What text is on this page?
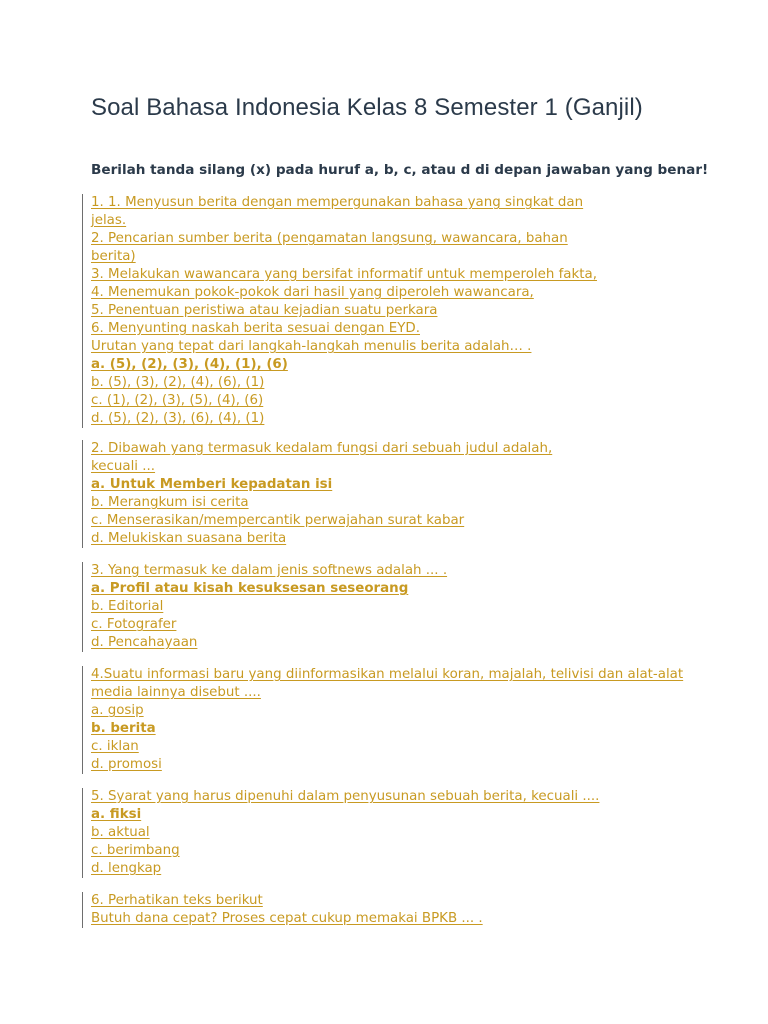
Soal Bahasa Indonesia Kelas 8 Semester 1 (Ganjil)

Berilah tanda silang (x) pada huruf a, b, c, atau d di depan jawaban yang benar!

1. 1. Menyusun berita dengan mempergunakan bahasa yang singkat dan
jelas.
2. Pencarian sumber berita (pengamatan langsung, wawancara, bahan
berita)
3. Melakukan wawancara yang bersifat informatif untuk memperoleh fakta,
4. Menemukan pokok-pokok dari hasil yang diperoleh wawancara,
5. Penentuan peristiwa atau kejadian suatu perkara
6. Menyunting naskah berita sesuai dengan EYD.
Urutan yang tepat dari langkah-langkah menulis berita adalah… .
a. (5), (2), (3), (4), (1), (6)
b. (5), (3), (2), (4), (6), (1)
c. (1), (2), (3), (5), (4), (6)
d. (5), (2), (3), (6), (4), (1)
2. Dibawah yang termasuk kedalam fungsi dari sebuah judul adalah,
kecuali ...
a. Untuk Memberi kepadatan isi
b. Merangkum isi cerita
c. Menserasikan/mempercantik perwajahan surat kabar
d. Melukiskan suasana berita
3. Yang termasuk ke dalam jenis softnews adalah ... .
a. Profil atau kisah kesuksesan seseorang
b. Editorial
c. Fotografer
d. Pencahayaan
4.Suatu informasi baru yang diinformasikan melalui koran, majalah, telivisi dan alat-alat
media lainnya disebut ....
a. gosip
b. berita
c. iklan
d. promosi
5. Syarat yang harus dipenuhi dalam penyusunan sebuah berita, kecuali ....
a. fiksi
b. aktual
c. berimbang
d. lengkap
6. Perhatikan teks berikut
Butuh dana cepat? Proses cepat cukup memakai BPKB ... .
